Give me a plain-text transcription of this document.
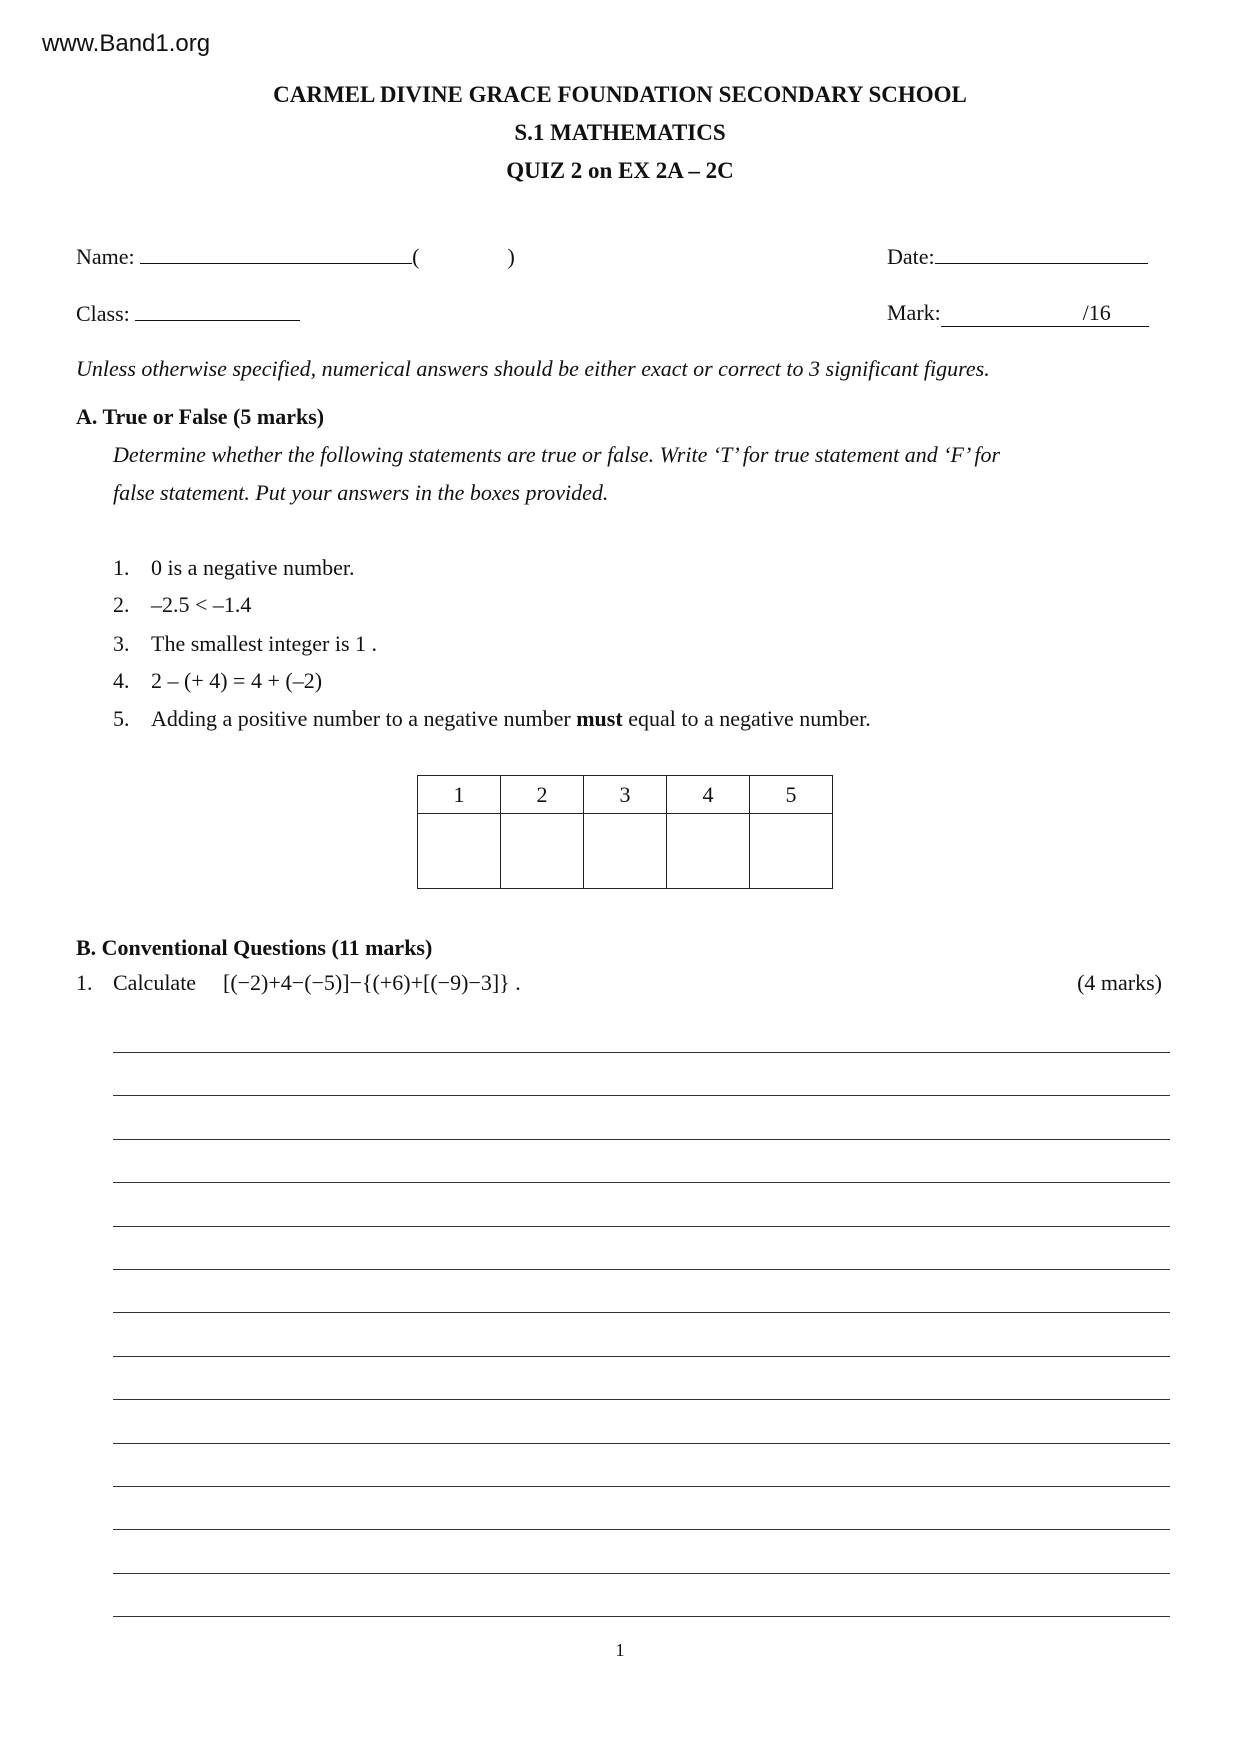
www.Band1.org
CARMEL DIVINE GRACE FOUNDATION SECONDARY SCHOOL
S.1 MATHEMATICS
QUIZ 2 on EX 2A – 2C
Name:	(	)	Date:
Class:	Mark:	/16
Unless otherwise specified, numerical answers should be either exact or correct to 3 significant figures.
A. True or False (5 marks)
Determine whether the following statements are true or false. Write ‘T’ for true statement and ‘F’ for
false statement. Put your answers in the boxes provided.
1. 0 is a negative number.
2. –2.5 < –1.4
3. The smallest integer is 1 .
4. 2 – (+ 4) = 4 + (–2)
5. Adding a positive number to a negative number must equal to a negative number.
1	2	3	4	5

B. Conventional Questions (11 marks)
1. Calculate [(−2)+4−(−5)]−{(+6)+[(−9)−3]} .	(4 marks)
1
